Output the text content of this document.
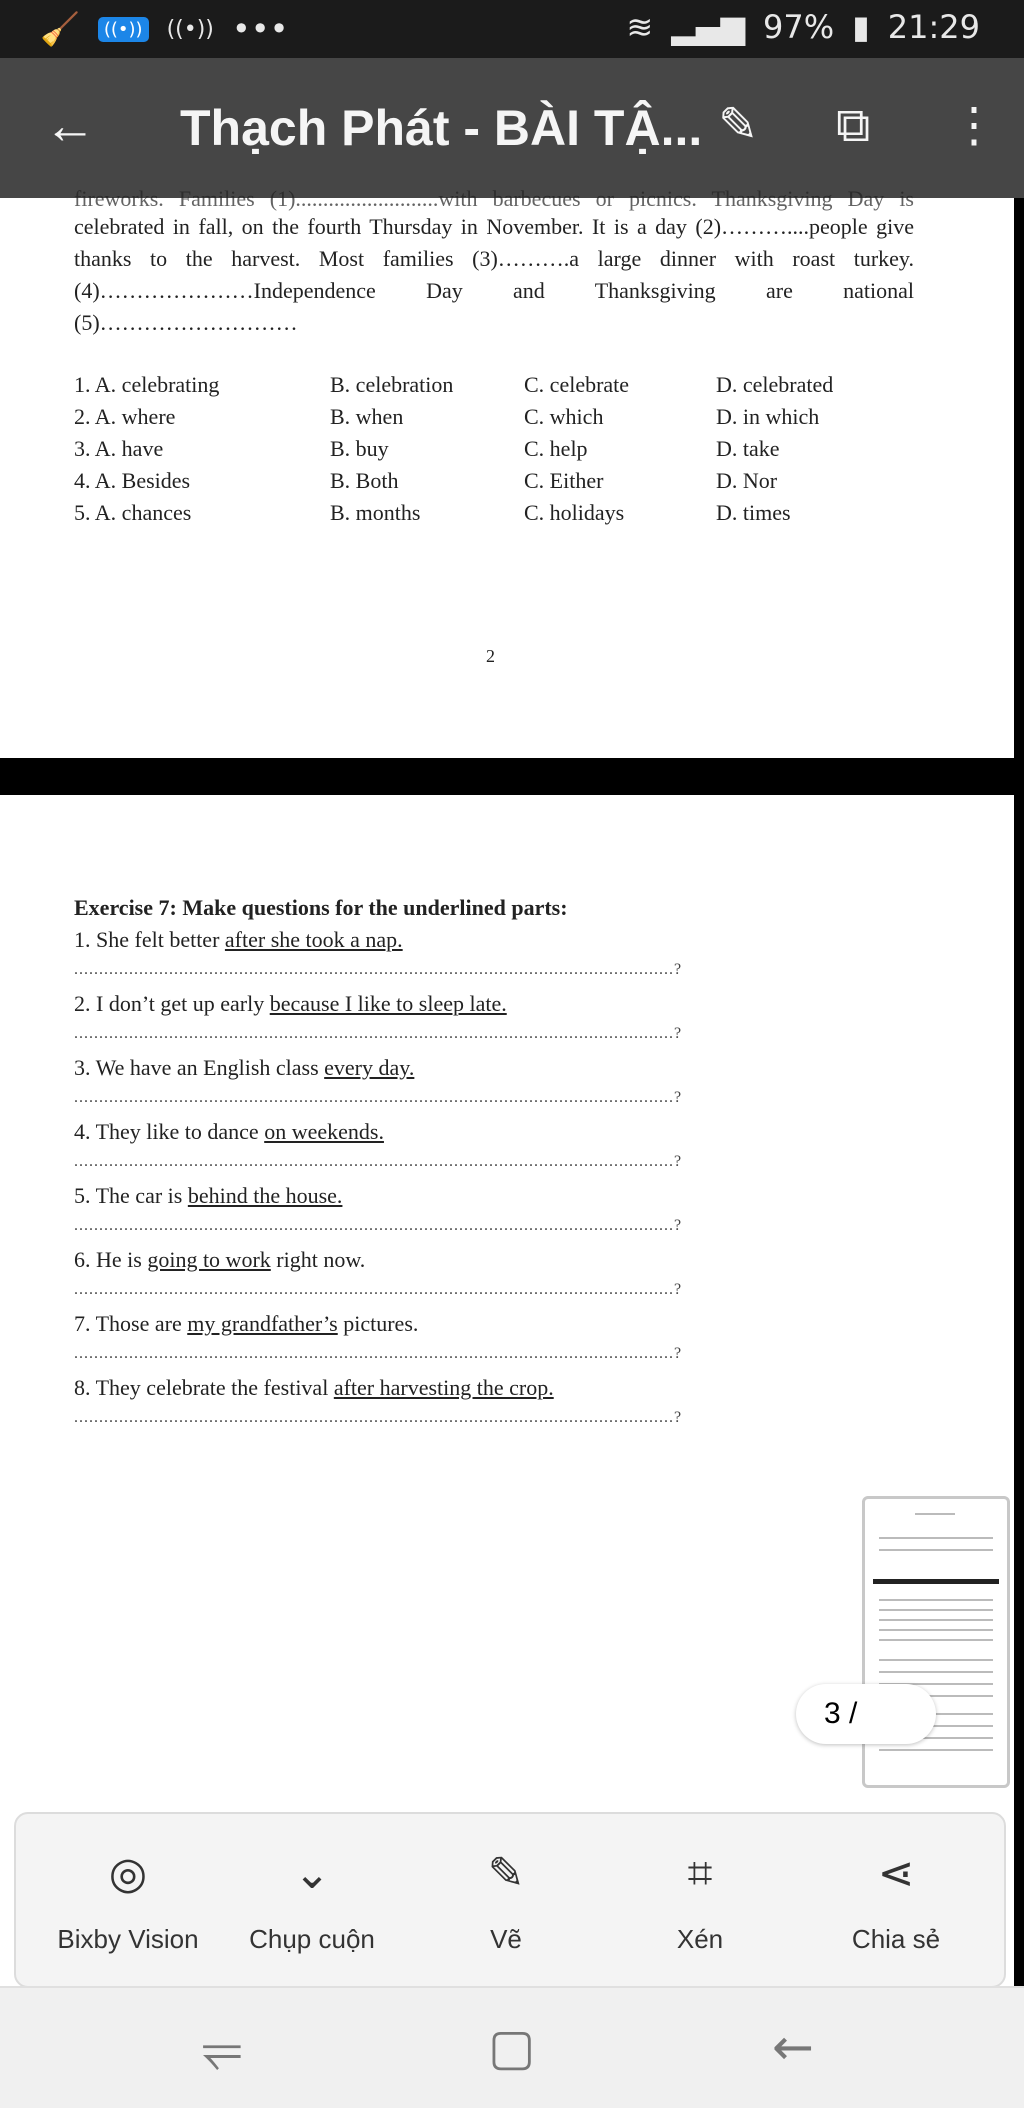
🧹	((•)) ((•)) •••	≋ ▂▄▆ 97% ▮ 21:29
← Thạch Phát - BÀI TẬ... ✎ ⧉ ⋮
fireworks. Families (1)..........................with barbecues or picnics. Thanksgiving Day is
celebrated in fall, on the fourth Thursday in November. It is a day (2)………....people give
thanks to the harvest. Most families (3)……….a large dinner with roast turkey.
(4)…………………Independence Day and Thanksgiving are national
(5)………………………
1. A. celebrating	B. celebration	C. celebrate	D. celebrated
2. A. where	B. when	C. which	D. in which
3. A. have	B. buy	C. help	D. take
4. A. Besides	B. Both	C. Either	D. Nor
5. A. chances	B. months	C. holidays	D. times
2
Exercise 7: Make questions for the underlined parts:
1. She felt better after she took a nap.
........................................................................................................................?
2. I don’t get up early because I like to sleep late.
........................................................................................................................?
3. We have an English class every day.
........................................................................................................................?
4. They like to dance on weekends.
........................................................................................................................?
5. The car is behind the house.
........................................................................................................................?
6. He is going to work right now.
........................................................................................................................?
7. Those are my grandfather’s pictures.
........................................................................................................................?
8. They celebrate the festival after harvesting the crop.
........................................................................................................................?
3 /
◎
Bixby Vision
⌄
Chụp cuộn
✎
Vẽ
⌗
Xén
⋖
Chia sẻ
⥫	▢	←
